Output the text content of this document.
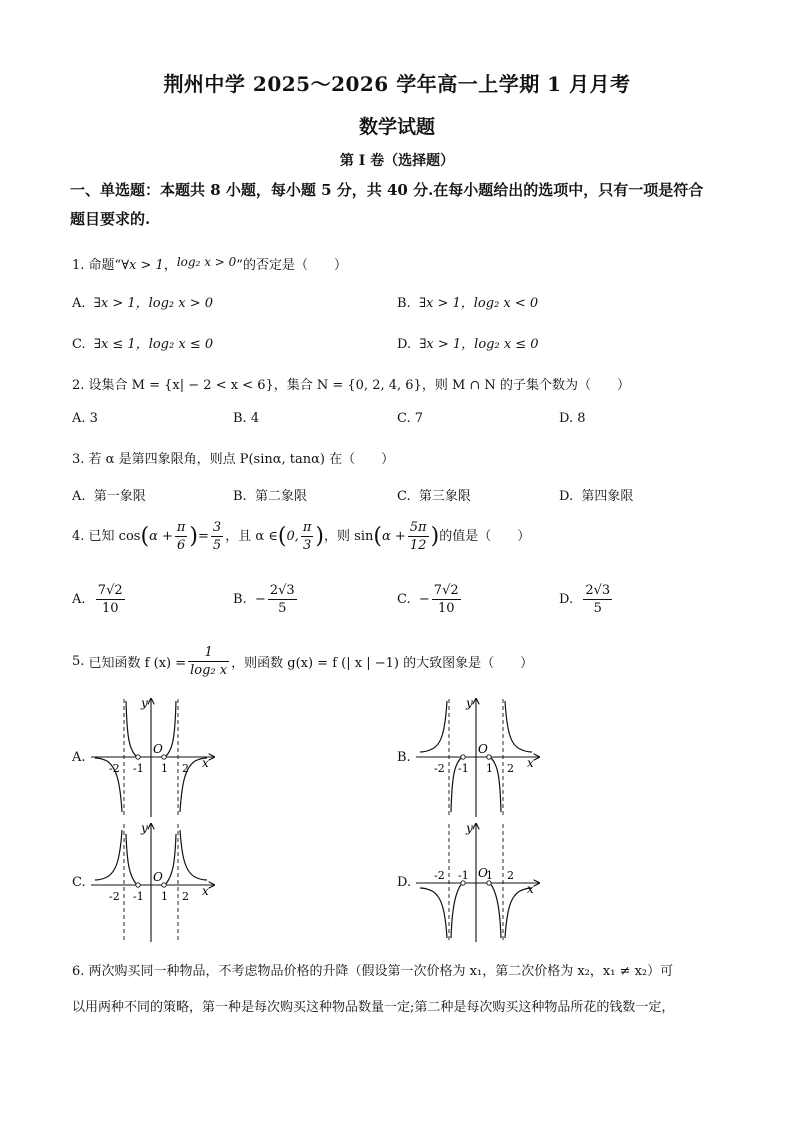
荆州中学 2025～2026 学年高一上学期 1 月月考
数学试题
第 I 卷（选择题）
一、单选题：本题共 8 小题，每小题 5 分，共 40 分.在每小题给出的选项中，只有一项是符合
题目要求的.
1. 命题“∀x > 1，log₂ x > 0”的否定是（　　）
A. ∃x > 1，log₂ x > 0	B. ∃x > 1，log₂ x < 0
C. ∃x ≤ 1，log₂ x ≤ 0	D. ∃x > 1，log₂ x ≤ 0
2. 设集合 M = {x| − 2 < x < 6}，集合 N = {0, 2, 4, 6}，则 M ∩ N 的子集个数为（　　）
A. 3	B. 4	C. 7	D. 8
3. 若 α 是第四象限角，则点 P(sinα, tanα) 在（　　）
A. 第一象限	B. 第二象限	C. 第三象限	D. 第四象限
4. 已知 $\cos(\alpha + \frac{\pi}{6}$ )= $\frac{3}{5}$ ，且 α ∈(0, $\frac{\pi}{3}$ )，则 $\sin(\alpha + \frac{5\pi}{12}$ )的值是（　　）
A. $\frac{7√2}{10}$	B. − $\frac{2√3}{5}$	C. − $\frac{7√2}{10}$	D. $\frac{2√3}{5}$
5. 已知函数 f $(x) = \frac{1}{\text{log₂ x}}$ ，则函数 g(x) = f (| x | −1) 的大致图象是（　　）
A.	B.
C.	D.
-2 -1 1 2
O
x
y
-2 -1 1 2
O
x
y
-2 -1 1 2
O
x
y
-2 -1 1 2
O
x
y
6. 两次购买同一种物品，不考虑物品价格的升降（假设第一次价格为 x₁，第二次价格为 x₂，x₁ ≠ x₂）可
以用两种不同的策略，第一种是每次购买这种物品数量一定;第二种是每次购买这种物品所花的钱数一定，
